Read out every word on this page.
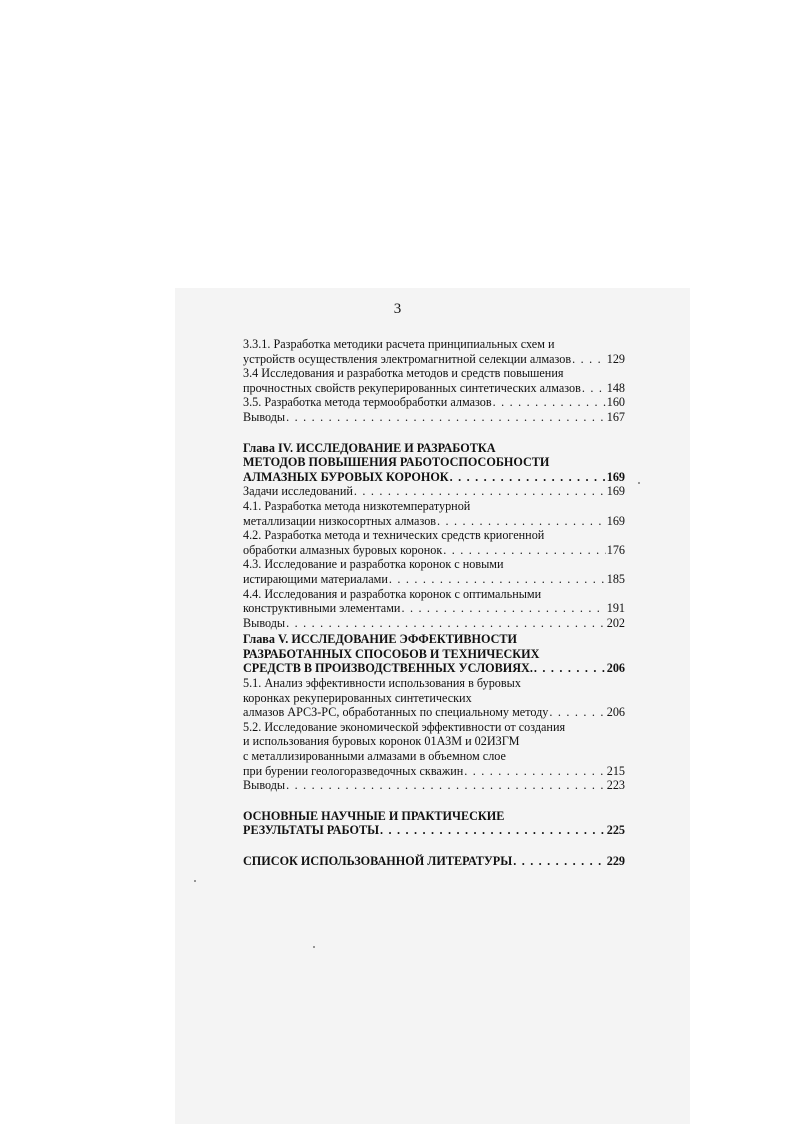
3
3.3.1. Разработка методики расчета принципиальных схем и
устройств осуществления электромагнитной селекции алмазов . . .	129
3.4 Исследования и разработка методов и средств повышения
прочностных свойств рекуперированных синтетических алмазов . . . 148
3.5. Разработка метода термообработки алмазов . . .	160
Выводы . . .	167
Глава IV. ИССЛЕДОВАНИЕ И РАЗРАБОТКА
МЕТОДОВ ПОВЫШЕНИЯ РАБОТОСПОСОБНОСТИ
АЛМАЗНЫХ БУРОВЫХ КОРОНОК . . .	169
Задачи исследований . . .	169
4.1. Разработка метода низкотемпературной
металлизации низкосортных алмазов . . .	169
4.2. Разработка метода и технических средств криогенной
обработки алмазных буровых коронок . . .	176
4.3. Исследование и разработка коронок с новыми
истирающими материалами . . .	185
4.4. Исследования и разработка коронок с оптимальными
конструктивными элементами . . .	191
Выводы . . .	202
Глава V. ИССЛЕДОВАНИЕ ЭФФЕКТИВНОСТИ
РАЗРАБОТАННЫХ СПОСОБОВ И ТЕХНИЧЕСКИХ
СРЕДСТВ В ПРОИЗВОДСТВЕННЫХ УСЛОВИЯХ. . . .	206
5.1. Анализ эффективности использования в буровых
коронках рекуперированных синтетических
алмазов АРСЗ-РС, обработанных по специальному методу . . .	206
5.2. Исследование экономической эффективности от создания
и использования буровых коронок 01АЗМ и 02ИЗГМ
с металлизированными алмазами в объемном слое
при бурении геологоразведочных скважин . . .	215
Выводы . . .	223
ОСНОВНЫЕ НАУЧНЫЕ И ПРАКТИЧЕСКИЕ
РЕЗУЛЬТАТЫ РАБОТЫ . . .	225
СПИСОК ИСПОЛЬЗОВАННОЙ ЛИТЕРАТУРЫ . . .	229
